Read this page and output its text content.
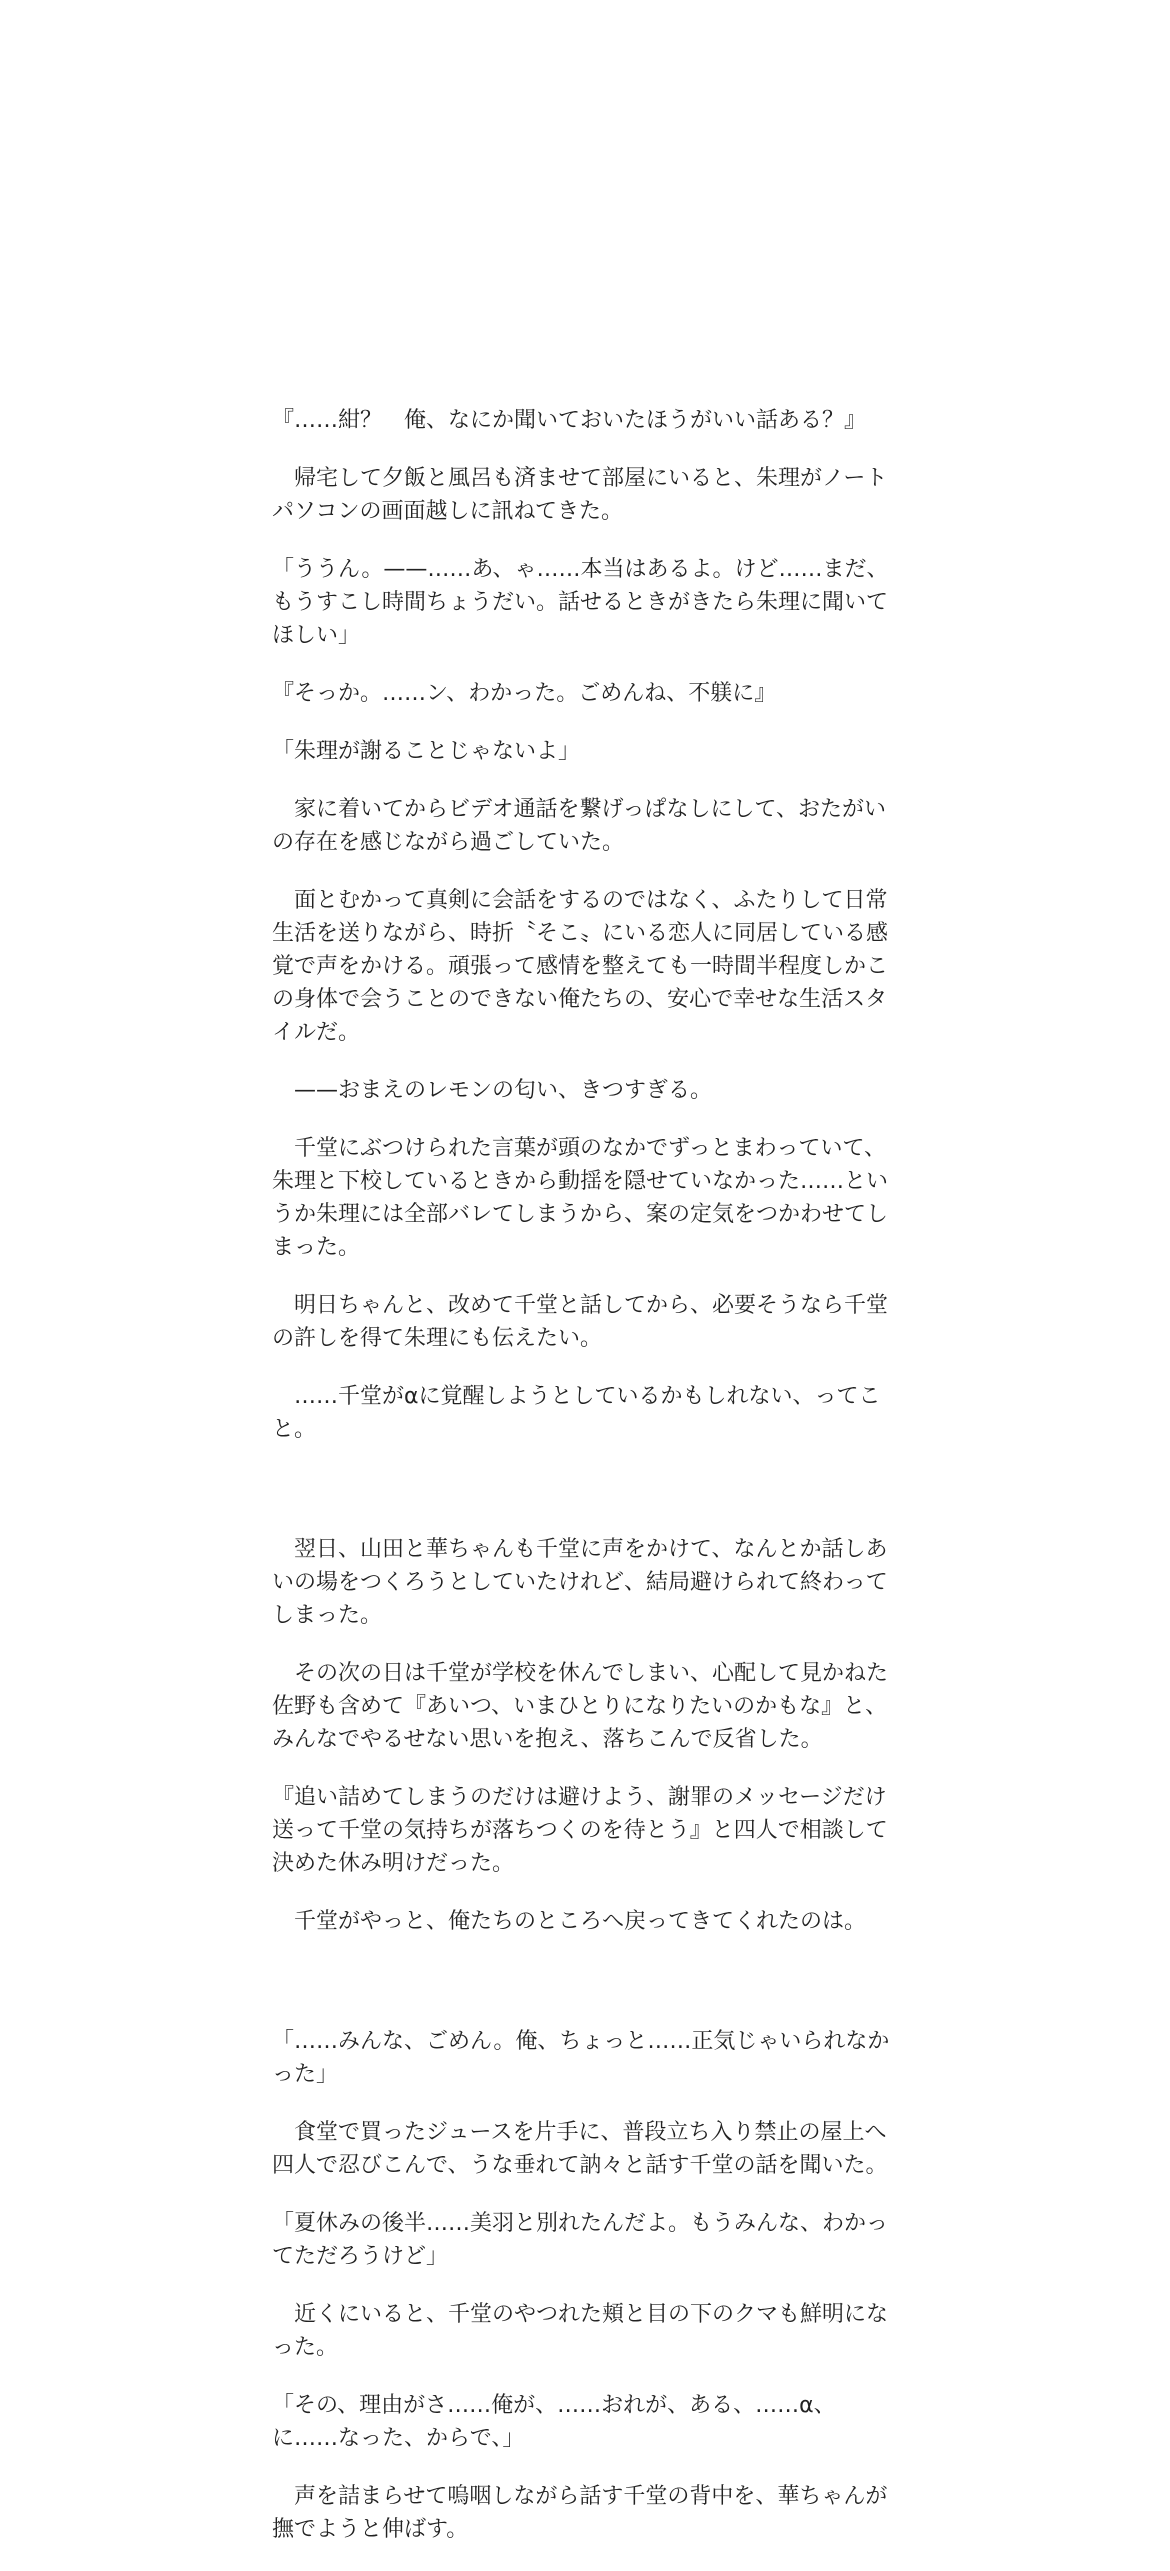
『……紺？　俺、なにか聞いておいたほうがいい話ある？』

帰宅して夕飯と風呂も済ませて部屋にいると、朱理がノートパソコンの画面越しに訊ねてきた。

「ううん。——……あ、ゃ……本当はあるよ。けど……まだ、もうすこし時間ちょうだい。話せるときがきたら朱理に聞いてほしい」

『そっか。……ン、わかった。ごめんね、不躾に』

「朱理が謝ることじゃないよ」

家に着いてからビデオ通話を繋げっぱなしにして、おたがいの存在を感じながら過ごしていた。

面とむかって真剣に会話をするのではなく、ふたりして日常生活を送りながら、時折〝そこ〟にいる恋人に同居している感覚で声をかける。頑張って感情を整えても一時間半程度しかこの身体で会うことのできない俺たちの、安心で幸せな生活スタイルだ。

——おまえのレモンの匂い、きつすぎる。

千堂にぶつけられた言葉が頭のなかでずっとまわっていて、朱理と下校しているときから動揺を隠せていなかった……というか朱理には全部バレてしまうから、案の定気をつかわせてしまった。

明日ちゃんと、改めて千堂と話してから、必要そうなら千堂の許しを得て朱理にも伝えたい。

……千堂がαに覚醒しようとしているかもしれない、ってこと。

翌日、山田と華ちゃんも千堂に声をかけて、なんとか話しあいの場をつくろうとしていたけれど、結局避けられて終わってしまった。

その次の日は千堂が学校を休んでしまい、心配して見かねた佐野も含めて『あいつ、いまひとりになりたいのかもな』と、みんなでやるせない思いを抱え、落ちこんで反省した。

『追い詰めてしまうのだけは避けよう、謝罪のメッセージだけ送って千堂の気持ちが落ちつくのを待とう』と四人で相談して決めた休み明けだった。

千堂がやっと、俺たちのところへ戻ってきてくれたのは。

「……みんな、ごめん。俺、ちょっと……正気じゃいられなかった」

食堂で買ったジュースを片手に、普段立ち入り禁止の屋上へ四人で忍びこんで、うな垂れて訥々と話す千堂の話を聞いた。

「夏休みの後半……美羽と別れたんだよ。もうみんな、わかってただろうけど」

近くにいると、千堂のやつれた頬と目の下のクマも鮮明になった。

「その、理由がさ……俺が、……おれが、ある、……α、に……なった、からで、」

声を詰まらせて嗚咽しながら話す千堂の背中を、華ちゃんが撫でようと伸ばす。
